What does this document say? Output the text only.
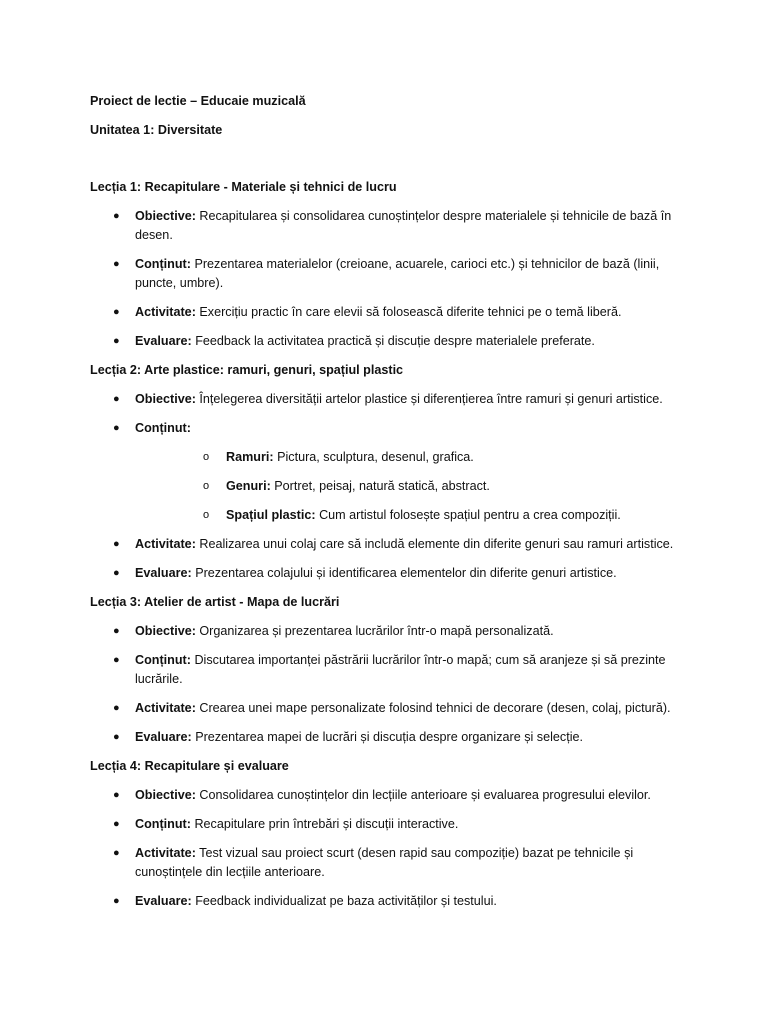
Proiect de lectie – Educaie muzicală
Unitatea 1: Diversitate
Lecția 1: Recapitulare - Materiale și tehnici de lucru
● Obiective: Recapitularea și consolidarea cunoștințelor despre materialele și tehnicile de bază în desen.
● Conținut: Prezentarea materialelor (creioane, acuarele, carioci etc.) și tehnicilor de bază (linii, puncte, umbre).
● Activitate: Exercițiu practic în care elevii să folosească diferite tehnici pe o temă liberă.
● Evaluare: Feedback la activitatea practică și discuție despre materialele preferate.
Lecția 2: Arte plastice: ramuri, genuri, spațiul plastic
● Obiective: Înțelegerea diversității artelor plastice și diferențierea între ramuri și genuri artistice.
● Conținut:
o Ramuri: Pictura, sculptura, desenul, grafica.
o Genuri: Portret, peisaj, natură statică, abstract.
o Spațiul plastic: Cum artistul folosește spațiul pentru a crea compoziții.
● Activitate: Realizarea unui colaj care să includă elemente din diferite genuri sau ramuri artistice.
● Evaluare: Prezentarea colajului și identificarea elementelor din diferite genuri artistice.
Lecția 3: Atelier de artist - Mapa de lucrări
● Obiective: Organizarea și prezentarea lucrărilor într-o mapă personalizată.
● Conținut: Discutarea importanței păstrării lucrărilor într-o mapă; cum să aranjeze și să prezinte lucrările.
● Activitate: Crearea unei mape personalizate folosind tehnici de decorare (desen, colaj, pictură).
● Evaluare: Prezentarea mapei de lucrări și discuția despre organizare și selecție.
Lecția 4: Recapitulare și evaluare
● Obiective: Consolidarea cunoștințelor din lecțiile anterioare și evaluarea progresului elevilor.
● Conținut: Recapitulare prin întrebări și discuții interactive.
● Activitate: Test vizual sau proiect scurt (desen rapid sau compoziție) bazat pe tehnicile și cunoștințele din lecțiile anterioare.
● Evaluare: Feedback individualizat pe baza activităților și testului.
